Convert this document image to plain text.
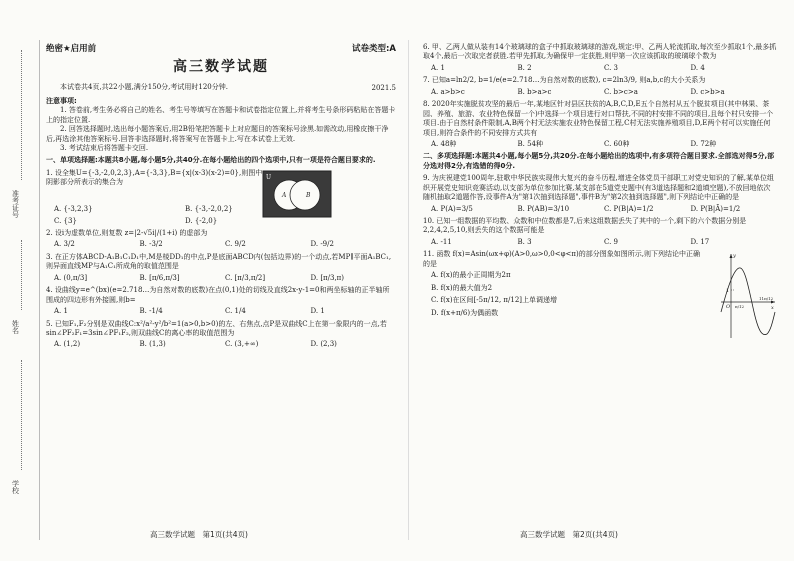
准考证号
姓名
学校
绝密★启用前	试卷类型:A
高三数学试题
2021.5
本试卷共4页,共22小题,满分150分,考试用时120分钟.
注意事项:
1. 答卷前,考生务必将自己的姓名、考生号等填写在答题卡和试卷指定位置上,并将考生号条形码粘贴在答题卡上的指定位置.
2. 回答选择题时,选出每小题答案后,用2B铅笔把答题卡上对应题目的答案标号涂黑.如需改动,用橡皮擦干净后,再选涂其他答案标号.回答非选择题时,将答案写在答题卡上.写在本试卷上无效.
3. 考试结束后将答题卡交回.
一、单项选择题:本题共8小题,每小题5分,共40分.在每小题给出的四个选项中,只有一项是符合题目要求的.
1. 设全集U={-3,-2,0,2,3},A={-3,3},B={x|(x-3)(x-2)=0},则图中阴影部分所表示的集合为
U
A	B
A. {-3,2,3}	B. {-3,-2,0,2}
C. {3}	D. {-2,0}
2. 设i为虚数单位,则复数 z=|2-√5i|/(1+i) 的虚部为
A. 3/2	B. -3/2	C. 9/2	D. -9/2
3. 在正方体ABCD-A₁B₁C₁D₁中,M是棱DD₁的中点,P是底面ABCD内(包括边界)的一个动点,若MP∥平面A₁BC₁,则异面直线MP与A₁C₁所成角的取值范围是
A. (0,π/3]	B. [π/6,π/3]	C. [π/3,π/2]	D. [π/3,π)
4. 设曲线y=e^(bx)(e=2.718…为自然对数的底数)在点(0,1)处的切线及直线2x-y-1=0和两坐标轴的正半轴所围成的四边形有外接圆,则b=
A. 1	B. -1/4	C. 1/4	D. 1
5. 已知F₁,F₂分别是双曲线C:x²/a²-y²/b²=1(a>0,b>0)的左、右焦点,点P是双曲线C上在第一象限内的一点,若sin∠PF₂F₁=3sin∠PF₁F₂,则双曲线C的离心率的取值范围为
A. (1,2)	B. (1,3)	C. (3,+∞)	D. (2,3)
高三数学试题　第1页(共4页)
6. 甲、乙两人做从装有14个玻璃球的盒子中抓取玻璃球的游戏,规定:甲、乙两人轮流抓取,每次至少抓取1个,最多抓取4个,最后一次取完者获胜.若甲先抓取,为确保甲一定获胜,则甲第一次应该抓取的玻璃球个数为
A. 1	B. 2	C. 3	D. 4
7. 已知a=ln2/2, b=1/e(e=2.718…为自然对数的底数), c=2ln3/9, 则a,b,c的大小关系为
A. a>b>c	B. b>a>c	C. b>c>a	D. c>b>a
8. 2020年实施脱贫攻坚的最后一年,某地区针对县区扶贫的A,B,C,D,E五个自然村从五个脱贫项目(其中林果、茶园、养殖、旅游、农业特色保留一个)中选择一个项目进行对口帮扶,不同的村安排不同的项目,且每个村只安排一个项目.由于自然村条件限制,A,B两个村无法实施农业特色保留工程,C村无法实施养殖项目,D,E两个村可以实施任何项目,则符合条件的不同安排方式共有
A. 48种	B. 54种	C. 60种	D. 72种
二、多项选择题:本题共4小题,每小题5分,共20分.在每小题给出的选项中,有多项符合题目要求.全部选对得5分,部分选对得2分,有选错的得0分.
9. 为庆祝建党100周年,驻歌中华民族实现伟大复兴的奋斗历程,增进全体党员干部职工对党史知识的了解,某单位组织开展党史知识竞赛活动,以支部为单位参加比赛,某支部在5道党史题中(有3道选择题和2道填空题),不放回地依次随机抽取2道题作答,设事件A为"第1次抽到选择题",事件B为"第2次抽到选择题",则下列结论中正确的是
A. P(A)=3/5	B. P(AB)=3/10	C. P(B|A)=1/2	D. P(B|Ā)=1/2
10. 已知一组数据的平均数、众数和中位数都是7,后来这组数据丢失了其中的一个,剩下的六个数据分别是2,2,4,2,5,10,则丢失的这个数据可能是
A. -11	B. 3	C. 9	D. 17
11. 函数 f(x)=Asin(ωx+φ)(A>0,ω>0,0<φ<π)的部分图象如图所示,则下列结论中正确的是
A. f(x)的最小正周期为2π
B. f(x)的最大值为2
C. f(x)在区间[-5π/12, π/12]上单调递增
D. f(x+π/6)为偶函数
y
x
O
1
π/12
11π/12
高三数学试题　第2页(共4页)
